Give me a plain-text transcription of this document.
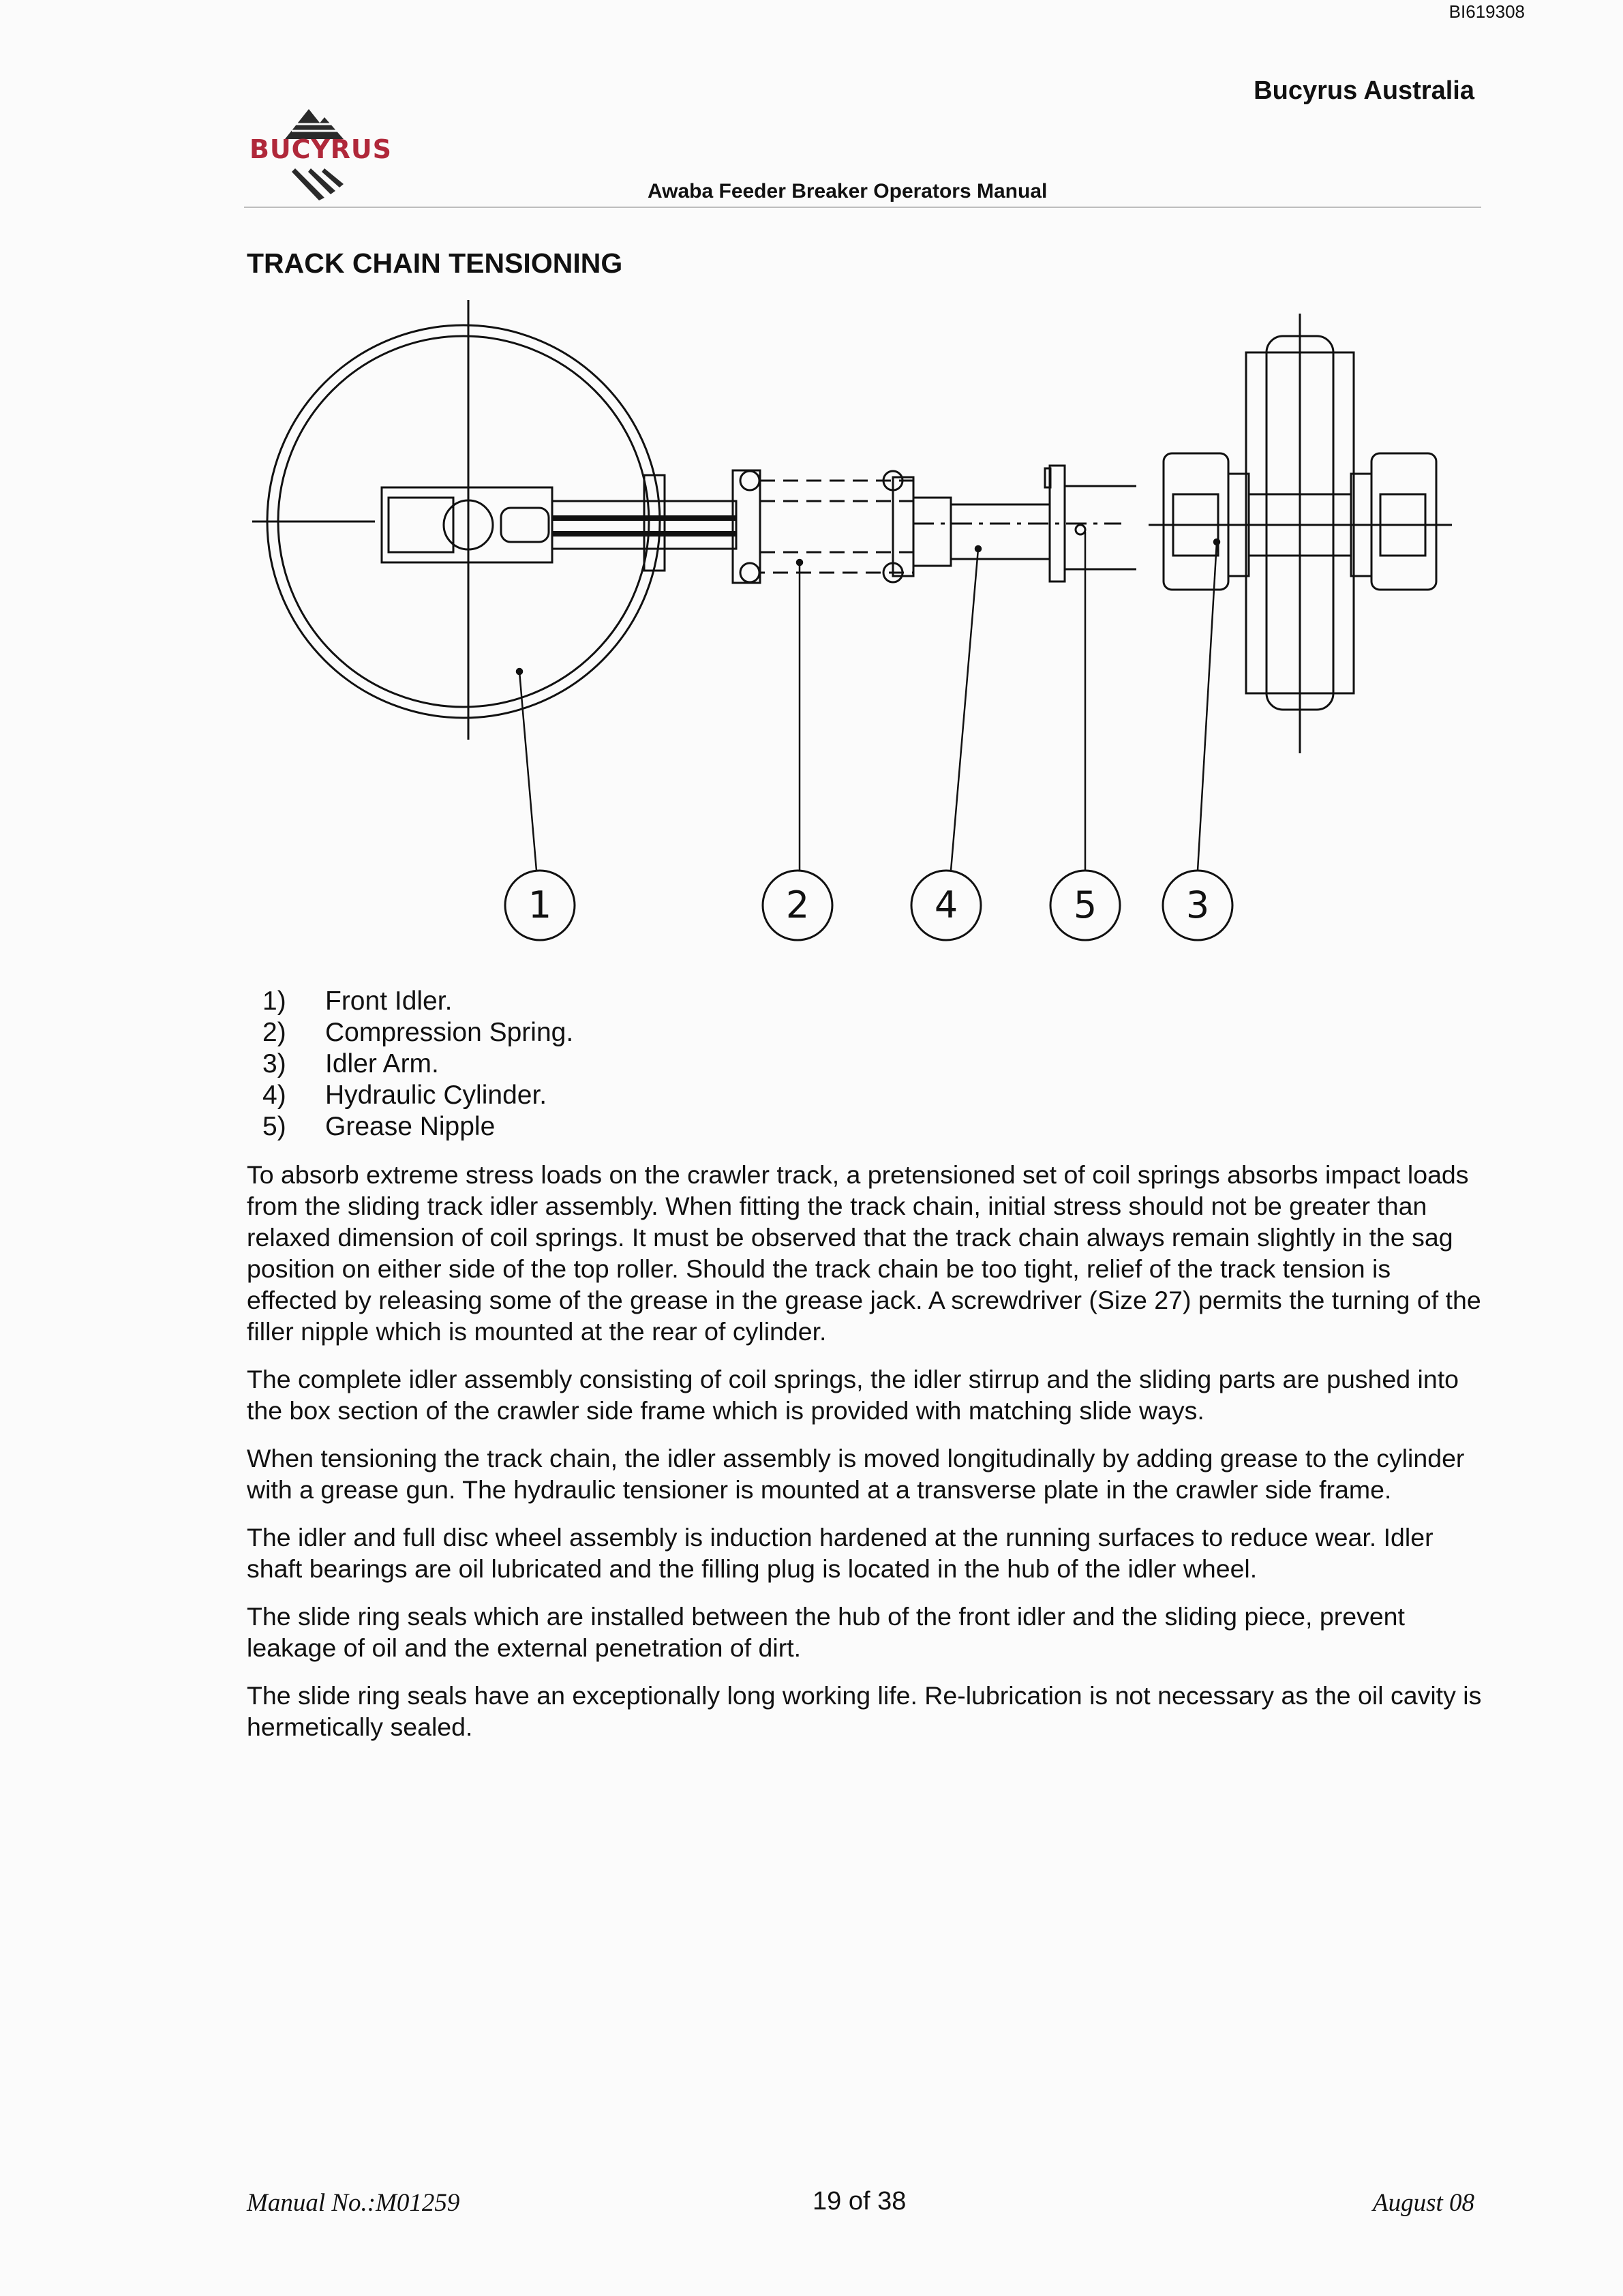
BI619308
Bucyrus Australia
BUCYRUS
Awaba Feeder Breaker Operators Manual
TRACK CHAIN TENSIONING
1	2	4	5 3
1)	Front Idler.
2)	Compression Spring.
3)	Idler Arm.
4)	Hydraulic Cylinder.
5)	Grease Nipple

To absorb extreme stress loads on the crawler track, a pretensioned set of coil springs absorbs impact loads from the sliding track idler assembly. When fitting the track chain, initial stress should not be greater than relaxed dimension of coil springs. It must be observed that the track chain always remain slightly in the sag position on either side of the top roller. Should the track chain be too tight, relief of the track tension is effected by releasing some of the grease in the grease jack. A screwdriver (Size 27) permits the turning of the filler nipple which is mounted at the rear of cylinder.

The complete idler assembly consisting of coil springs, the idler stirrup and the sliding parts are pushed into the box section of the crawler side frame which is provided with matching slide ways.

When tensioning the track chain, the idler assembly is moved longitudinally by adding grease to the cylinder with a grease gun. The hydraulic tensioner is mounted at a transverse plate in the crawler side frame.

The idler and full disc wheel assembly is induction hardened at the running surfaces to reduce wear. Idler shaft bearings are oil lubricated and the filling plug is located in the hub of the idler wheel.

The slide ring seals which are installed between the hub of the front idler and the sliding piece, prevent leakage of oil and the external penetration of dirt.

The slide ring seals have an exceptionally long working life. Re-lubrication is not necessary as the oil cavity is hermetically sealed.

Manual No.:M01259	19 of 38	August 08
